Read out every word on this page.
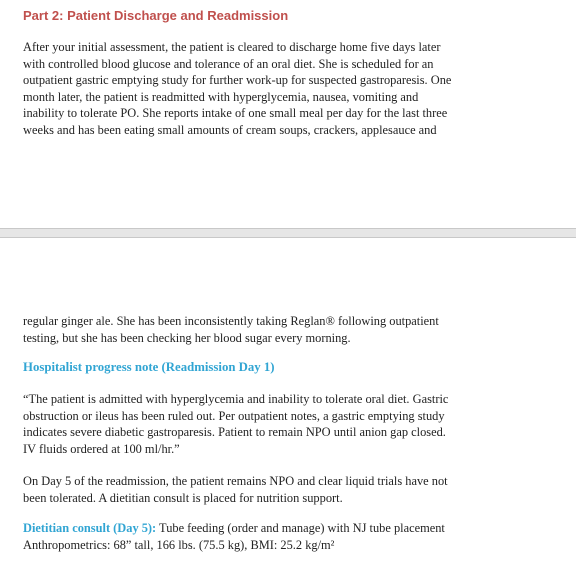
Part 2: Patient Discharge and Readmission
After your initial assessment, the patient is cleared to discharge home five days later
with controlled blood glucose and tolerance of an oral diet. She is scheduled for an
outpatient gastric emptying study for further work-up for suspected gastroparesis. One
month later, the patient is readmitted with hyperglycemia, nausea, vomiting and
inability to tolerate PO. She reports intake of one small meal per day for the last three
weeks and has been eating small amounts of cream soups, crackers, applesauce and
regular ginger ale. She has been inconsistently taking Reglan® following outpatient
testing, but she has been checking her blood sugar every morning.
Hospitalist progress note (Readmission Day 1)
“The patient is admitted with hyperglycemia and inability to tolerate oral diet. Gastric
obstruction or ileus has been ruled out. Per outpatient notes, a gastric emptying study
indicates severe diabetic gastroparesis. Patient to remain NPO until anion gap closed.
IV fluids ordered at 100 ml/hr.”
On Day 5 of the readmission, the patient remains NPO and clear liquid trials have not
been tolerated. A dietitian consult is placed for nutrition support.
Dietitian consult (Day 5): Tube feeding (order and manage) with NJ tube placement
Anthropometrics: 68” tall, 166 lbs. (75.5 kg), BMI: 25.2 kg/m²
